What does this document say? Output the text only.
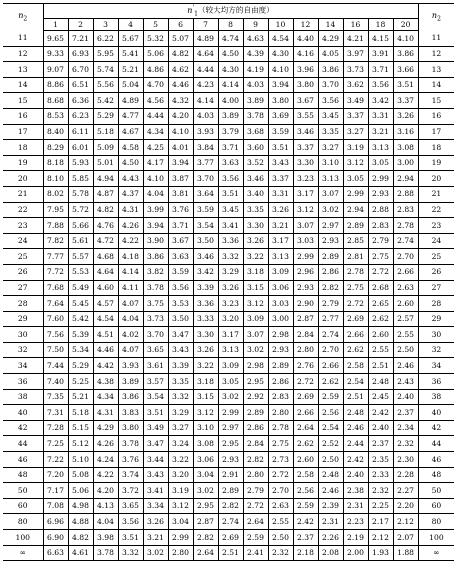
$n_2$	$n'_1$（较大均方的自由度）															$n_2$
	1	2	3	4	5	6	7	8	9	10	12	14	16	18	20	
11	9.65	7.21	6.22	5.67	5.32	5.07	4.89	4.74	4.63	4.54	4.40	4.29	4.21	4.15	4.10	11
12	9.33	6.93	5.95	5.41	5.06	4.82	4.64	4.50	4.39	4.30	4.16	4.05	3.97	3.91	3.86	12
13	9.07	6.70	5.74	5.21	4.86	4.62	4.44	4.30	4.19	4.10	3.96	3.86	3.73	3.71	3.66	13
14	8.86	6.51	5.56	5.04	4.70	4.46	4.23	4.14	4.03	3.94	3.80	3.70	3.62	3.56	3.51	14
15	8.68	6.36	5.42	4.89	4.56	4.32	4.14	4.00	3.89	3.80	3.67	3.56	3.49	3.42	3.37	15
16	8.53	6.23	5.29	4.77	4.44	4.20	4.03	3.89	3.78	3.69	3.55	3.45	3.37	3.31	3.26	16
17	8.40	6.11	5.18	4.67	4.34	4.10	3.93	3.79	3.68	3.59	3.46	3.35	3.27	3.21	3.16	17
18	8.29	6.01	5.09	4.58	4.25	4.01	3.84	3.71	3.60	3.51	3.37	3.27	3.19	3.13	3.08	18
19	8.18	5.93	5.01	4.50	4.17	3.94	3.77	3.63	3.52	3.43	3.30	3.10	3.12	3.05	3.00	19
20	8.10	5.85	4.94	4.43	4.10	3.87	3.70	3.56	3.46	3.37	3.23	3.13	3.05	2.99	2.94	20
21	8.02	5.78	4.87	4.37	4.04	3.81	3.64	3.51	3.40	3.31	3.17	3.07	2.99	2.93	2.88	21
22	7.95	5.72	4.82	4.31	3.99	3.76	3.59	3.45	3.35	3.26	3.12	3.02	2.94	2.88	2.83	22
23	7.88	5.66	4.76	4.26	3.94	3.71	3.54	3.41	3.30	3.21	3.07	2.97	2.89	2.83	2.78	23
24	7.82	5.61	4.72	4.22	3.90	3.67	3.50	3.36	3.26	3.17	3.03	2.93	2.85	2.79	2.74	24
25	7.77	5.57	4.68	4.18	3.86	3.63	3.46	3.32	3.22	3.13	2.99	2.89	2.81	2.75	2.70	25
26	7.72	5.53	4.64	4.14	3.82	3.59	3.42	3.29	3.18	3.09	2.96	2.86	2.78	2.72	2.66	26
27	7.68	5.49	4.60	4.11	3.78	3.56	3.39	3.26	3.15	3.06	2.93	2.82	2.75	2.68	2.63	27
28	7.64	5.45	4.57	4.07	3.75	3.53	3.36	3.23	3.12	3.03	2.90	2.79	2.72	2.65	2.60	28
29	7.60	5.42	4.54	4.04	3.73	3.50	3.33	3.20	3.09	3.00	2.87	2.77	2.69	2.62	2.57	29
30	7.56	5.39	4.51	4.02	3.70	3.47	3.30	3.17	3.07	2.98	2.84	2.74	2.66	2.60	2.55	30
32	7.50	5.34	4.46	4.07	3.65	3.43	3.26	3.13	3.02	2.93	2.80	2.70	2.62	2.55	2.50	32
34	7.44	5.29	4.42	3.93	3.61	3.39	3.22	3.09	2.98	2.89	2.76	2.66	2.58	2.51	2.46	34
36	7.40	5.25	4.38	3.89	3.57	3.35	3.18	3.05	2.95	2.86	2.72	2.62	2.54	2.48	2.43	36
38	7.35	5.21	4.34	3.86	3.54	3.32	3.15	3.02	2.92	2.83	2.69	2.59	2.51	2.45	2.40	38
40	7.31	5.18	4.31	3.83	3.51	3.29	3.12	2.99	2.89	2.80	2.66	2.56	2.48	2.42	2.37	40
42	7.28	5.15	4.29	3.80	3.49	3.27	3.10	2.97	2.86	2.78	2.64	2.54	2.46	2.40	2.34	42
44	7.25	5.12	4.26	3.78	3.47	3.24	3.08	2.95	2.84	2.75	2.62	2.52	2.44	2.37	2.32	44
46	7.22	5.10	4.24	3.76	3.44	3.22	3.06	2.93	2.82	2.73	2.60	2.50	2.42	2.35	2.30	46
48	7.20	5.08	4.22	3.74	3.43	3.20	3.04	2.91	2.80	2.72	2.58	2.48	2.40	2.33	2.28	48
50	7.17	5.06	4.20	3.72	3.41	3.19	3.02	2.89	2.79	2.70	2.56	2.46	2.38	2.32	2.27	50
60	7.08	4.98	4.13	3.65	3.34	3.12	2.95	2.82	2.72	2.63	2.59	2.39	2.31	2.25	2.20	60
80	6.96	4.88	4.04	3.56	3.26	3.04	2.87	2.74	2.64	2.55	2.42	2.31	2.23	2.17	2.12	80
100	6.90	4.82	3.98	3.51	3.21	2.99	2.82	2.69	2.59	2.50	2.37	2.26	2.19	2.12	2.07	100
∞	6.63	4.61	3.78	3.32	3.02	2.80	2.64	2.51	2.41	2.32	2.18	2.08	2.00	1.93	1.88	∞
